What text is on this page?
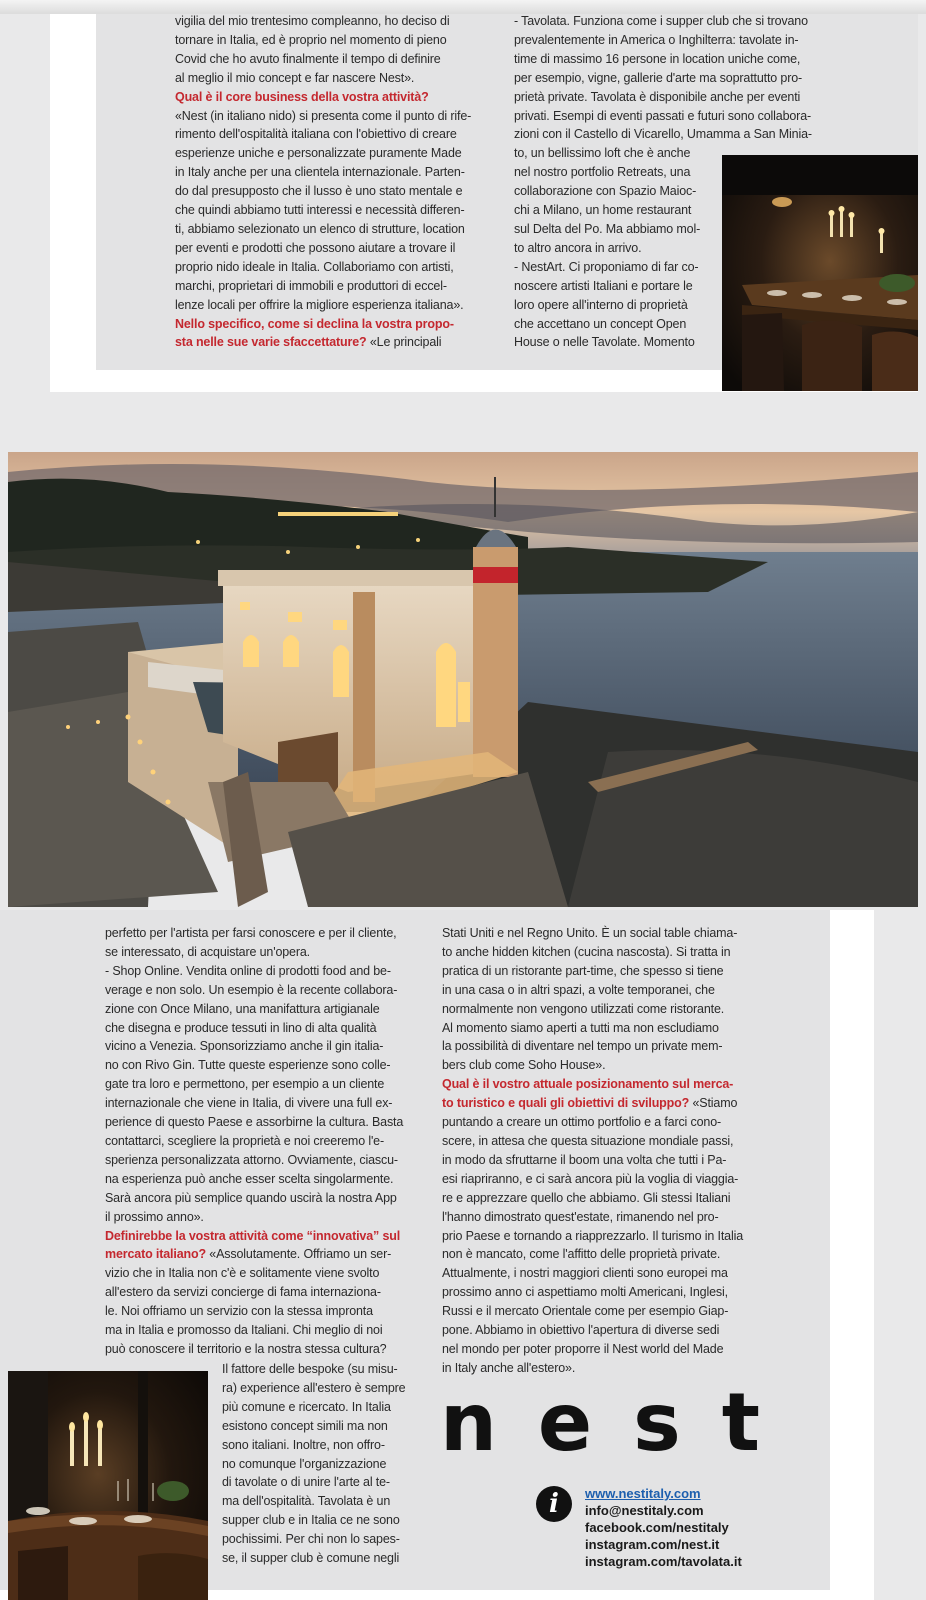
vigilia del mio trentesimo compleanno, ho deciso di

tornare in Italia, ed è proprio nel momento di pieno

Covid che ho avuto finalmente il tempo di definire

al meglio il mio concept e far nascere Nest».

Qual è il core business della vostra attività?

«Nest (in italiano nido) si presenta come il punto di rife-

rimento dell'ospitalità italiana con l'obiettivo di creare

esperienze uniche e personalizzate puramente Made

in Italy anche per una clientela internazionale. Parten-

do dal presupposto che il lusso è uno stato mentale e

che quindi abbiamo tutti interessi e necessità differen-

ti, abbiamo selezionato un elenco di strutture, location

per eventi e prodotti che possono aiutare a trovare il

proprio nido ideale in Italia. Collaboriamo con artisti,

marchi, proprietari di immobili e produttori di eccel-

lenze locali per offrire la migliore esperienza italiana».

Nello specifico, come si declina la vostra propo-

sta nelle sue varie sfaccettature? «Le principali

- Tavolata. Funziona come i supper club che si trovano

prevalentemente in America o Inghilterra: tavolate in-

time di massimo 16 persone in location uniche come,

per esempio, vigne, gallerie d'arte ma soprattutto pro-

prietà private. Tavolata è disponibile anche per eventi

privati. Esempi di eventi passati e futuri sono collabora-

zioni con il Castello di Vicarello, Umamma a San Minia-

to, un bellissimo loft che è anche

nel nostro portfolio Retreats, una

collaborazione con Spazio Maioc-

chi a Milano, un home restaurant

sul Delta del Po. Ma abbiamo mol-

to altro ancora in arrivo.

- NestArt. Ci proponiamo di far co-

noscere artisti Italiani e portare le

loro opere all'interno di proprietà

che accettano un concept Open

House o nelle Tavolate. Momento

perfetto per l'artista per farsi conoscere e per il cliente,

se interessato, di acquistare un'opera.

- Shop Online. Vendita online di prodotti food and be-

verage e non solo. Un esempio è la recente collabora-

zione con Once Milano, una manifattura artigianale

che disegna e produce tessuti in lino di alta qualità

vicino a Venezia. Sponsorizziamo anche il gin italia-

no con Rivo Gin. Tutte queste esperienze sono colle-

gate tra loro e permettono, per esempio a un cliente

internazionale che viene in Italia, di vivere una full ex-

perience di questo Paese e assorbirne la cultura. Basta

contattarci, scegliere la proprietà e noi creeremo l'e-

sperienza personalizzata attorno. Ovviamente, ciascu-

na esperienza può anche esser scelta singolarmente.

Sarà ancora più semplice quando uscirà la nostra App

il prossimo anno».

Definirebbe la vostra attività come “innovativa” sul

mercato italiano? «Assolutamente. Offriamo un ser-

vizio che in Italia non c'è e solitamente viene svolto

all'estero da servizi concierge di fama internaziona-

le. Noi offriamo un servizio con la stessa impronta

ma in Italia e promosso da Italiani. Chi meglio di noi

può conoscere il territorio e la nostra stessa cultura?

Il fattore delle bespoke (su misu-

ra) experience all'estero è sempre

più comune e ricercato. In Italia

esistono concept simili ma non

sono italiani. Inoltre, non offro-

no comunque l'organizzazione

di tavolate o di unire l'arte al te-

ma dell'ospitalità. Tavolata è un

supper club e in Italia ce ne sono

pochissimi. Per chi non lo sapes-

se, il supper club è comune negli

Stati Uniti e nel Regno Unito. È un social table chiama-

to anche hidden kitchen (cucina nascosta). Si tratta in

pratica di un ristorante part-time, che spesso si tiene

in una casa o in altri spazi, a volte temporanei, che

normalmente non vengono utilizzati come ristorante.

Al momento siamo aperti a tutti ma non escludiamo

la possibilità di diventare nel tempo un private mem-

bers club come Soho House».

Qual è il vostro attuale posizionamento sul merca-

to turistico e quali gli obiettivi di sviluppo? «Stiamo

puntando a creare un ottimo portfolio e a farci cono-

scere, in attesa che questa situazione mondiale passi,

in modo da sfruttarne il boom una volta che tutti i Pa-

esi riapriranno, e ci sarà ancora più la voglia di viaggia-

re e apprezzare quello che abbiamo. Gli stessi Italiani

l'hanno dimostrato quest'estate, rimanendo nel pro-

prio Paese e tornando a riapprezzarlo. Il turismo in Italia

non è mancato, come l'affitto delle proprietà private.

Attualmente, i nostri maggiori clienti sono europei ma

prossimo anno ci aspettiamo molti Americani, Inglesi,

Russi e il mercato Orientale come per esempio Giap-

pone. Abbiamo in obiettivo l'apertura di diverse sedi

nel mondo per poter proporre il Nest world del Made

in Italy anche all'estero».

n e s t
i	www.nestitaly.com
info@nestitaly.com
facebook.com/nestitaly
instagram.com/nest.it
instagram.com/tavolata.it
